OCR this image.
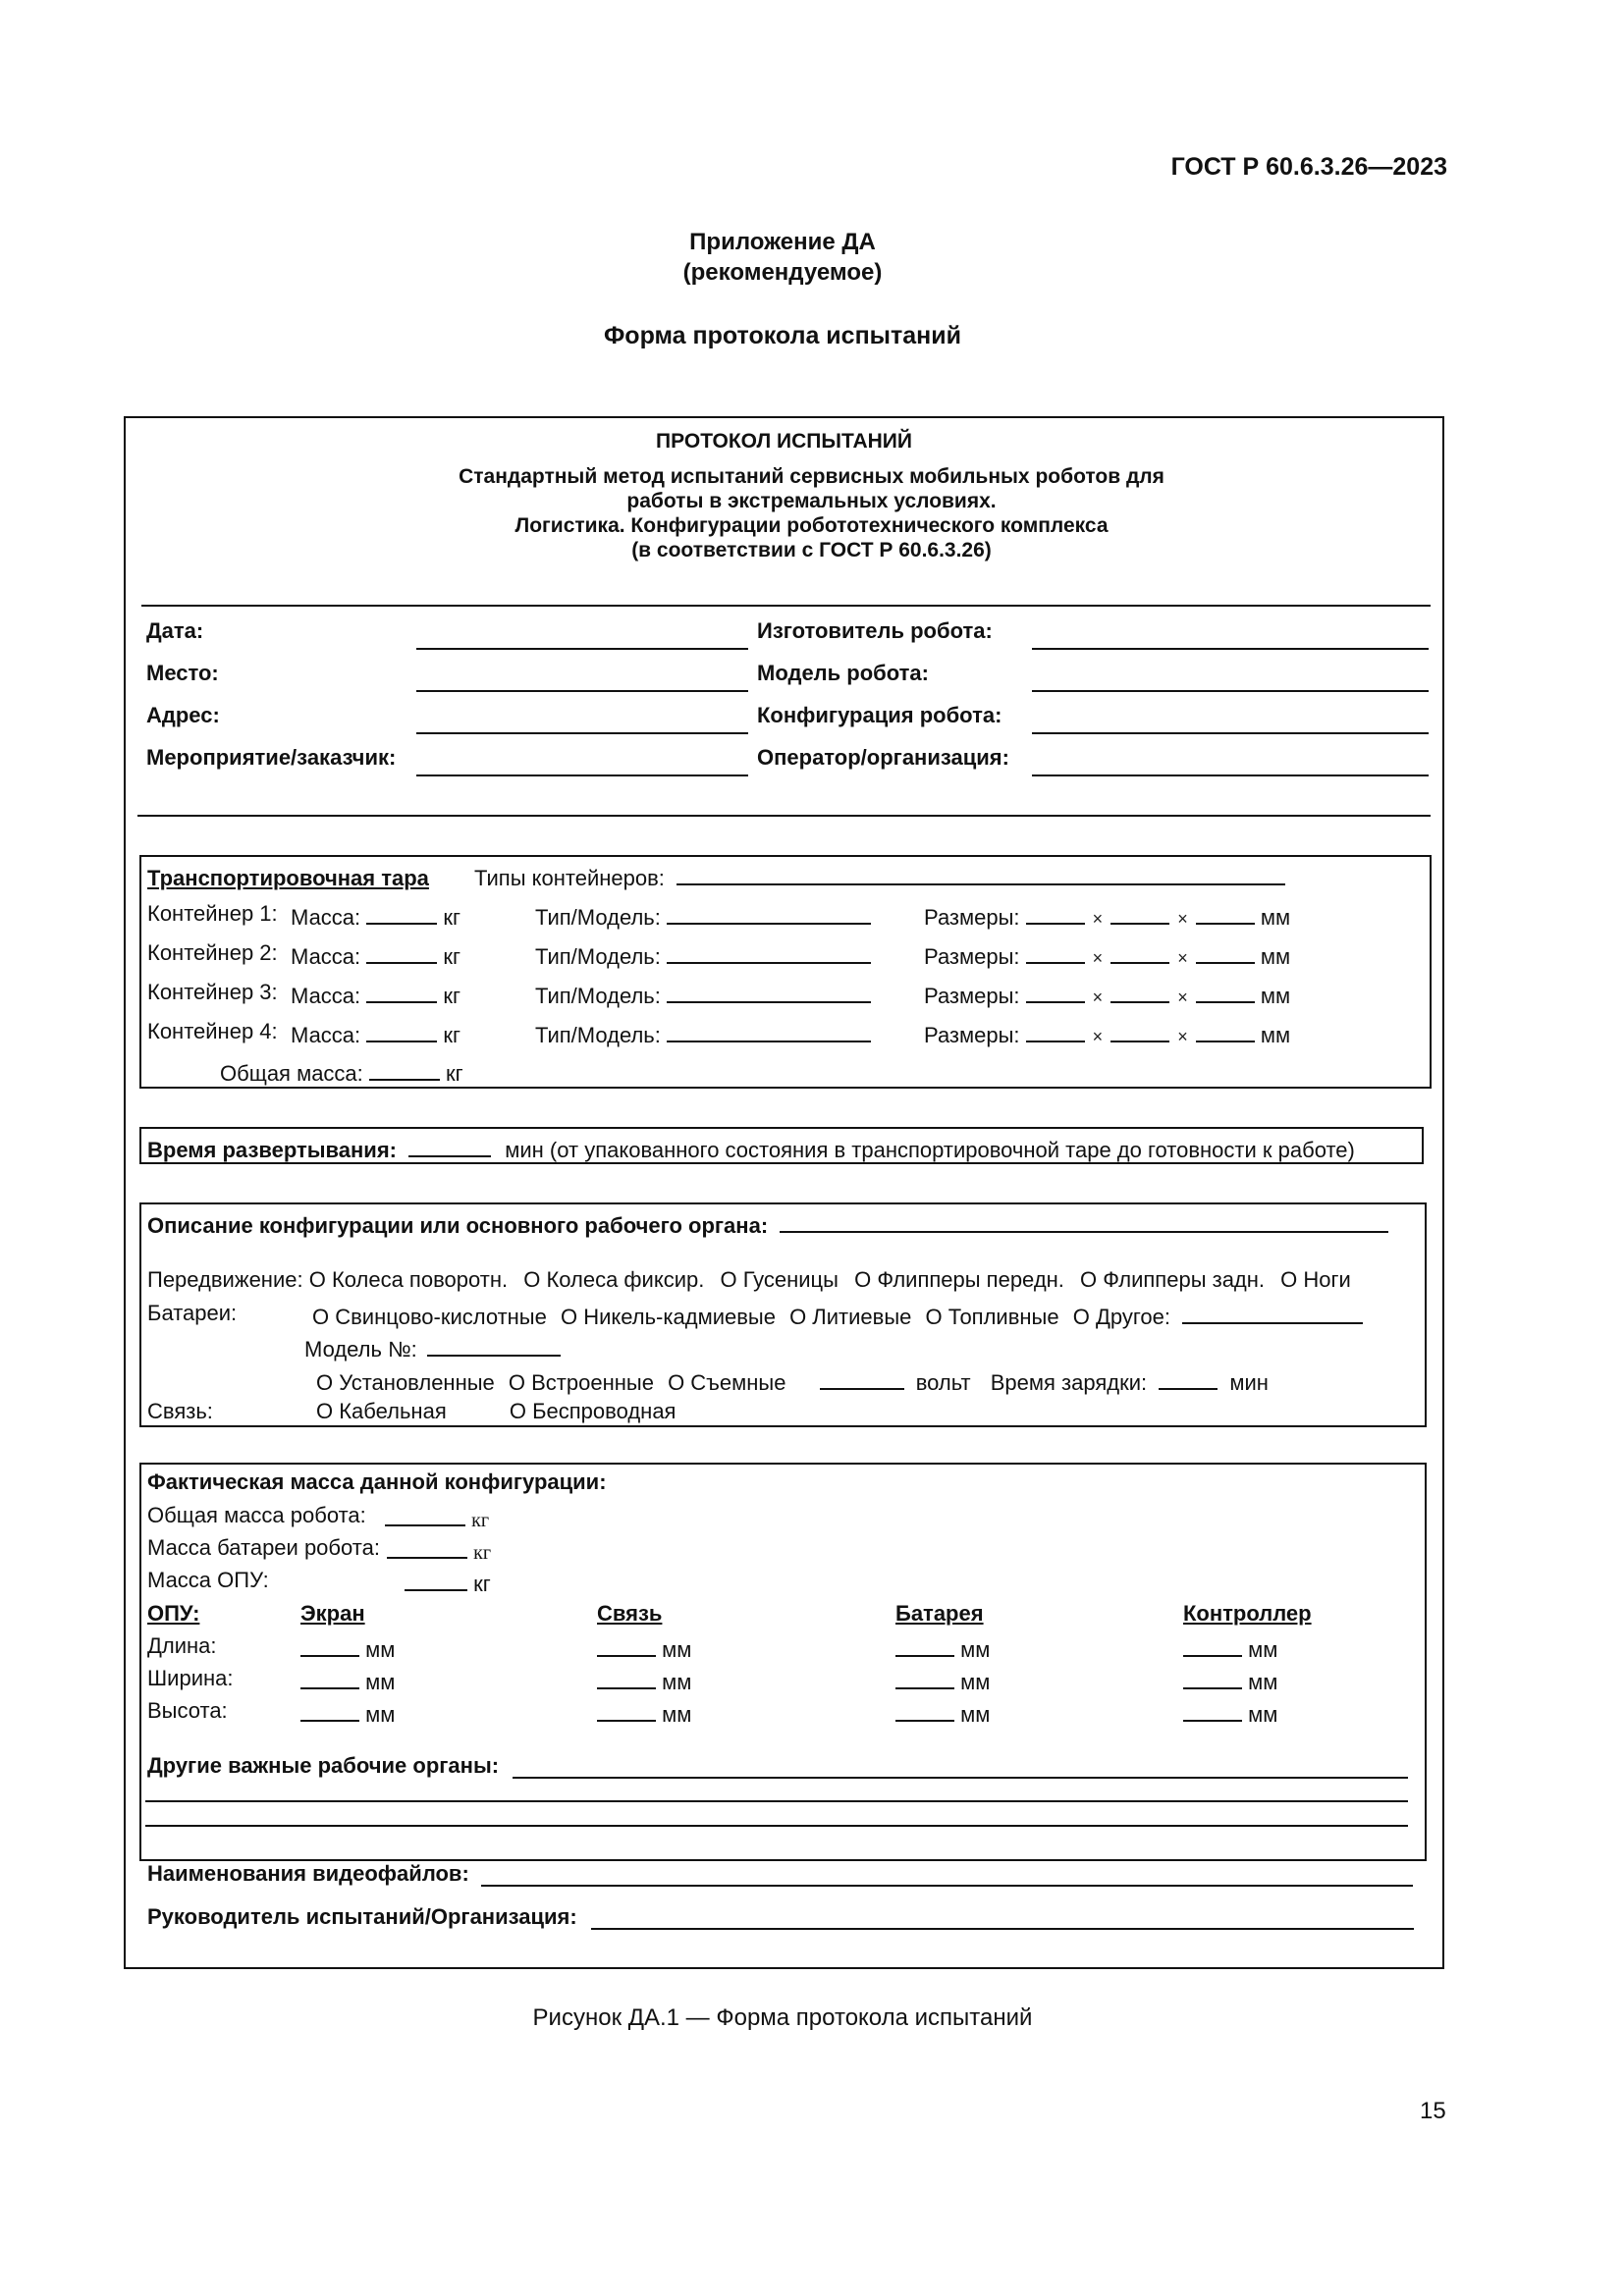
ГОСТ Р 60.6.3.26—2023
Приложение ДА
(рекомендуемое)
Форма протокола испытаний
ПРОТОКОЛ ИСПЫТАНИЙ
Стандартный метод испытаний сервисных мобильных роботов для
работы в экстремальных условиях.
Логистика. Конфигурации робототехнического комплекса
(в соответствии с ГОСТ Р 60.6.3.26)
Дата:	Изготовитель робота:
Место:	Модель робота:
Адрес:	Конфигурация робота:
Мероприятие/заказчик:	Оператор/организация:
Транспортировочная тара Типы контейнеров:
Контейнер 1: Масса:	кг	Тип/Модель:	Размеры:	×	×	мм
Контейнер 2: Масса:	кг	Тип/Модель:	Размеры:	×	×	мм
Контейнер 3: Масса:	кг	Тип/Модель:	Размеры:	×	×	мм
Контейнер 4: Масса:	кг	Тип/Модель:	Размеры:	×	×	мм
Общая масса:	кг
Время развертывания:	мин (от упакованного состояния в транспортировочной таре до готовности к работе)
Описание конфигурации или основного рабочего органа:
Передвижение: О Колеса поворотн. О Колеса фиксир. О Гусеницы О Флипперы передн. О Флипперы задн. О Ноги
Батареи:	О Свинцово-кислотные О Никель-кадмиевые О Литиевые О Топливные О Другое:
Модель №:
О Установленные О Встроенные О Съемные	вольт Время зарядки:	мин
Связь:	О Кабельная	О Беспроводная
Фактическая масса данной конфигурации:
Общая масса робота:	кг
Масса батареи робота:	кг
Масса ОПУ:	кг
ОПУ:	Экран	Связь	Батарея	Контроллер
Длина:	мм	мм	мм	мм
Ширина:	мм	мм	мм	мм
Высота:	мм	мм	мм	мм
Другие важные рабочие органы:
Наименования видеофайлов:
Руководитель испытаний/Организация:
Рисунок ДА.1 — Форма протокола испытаний
15
